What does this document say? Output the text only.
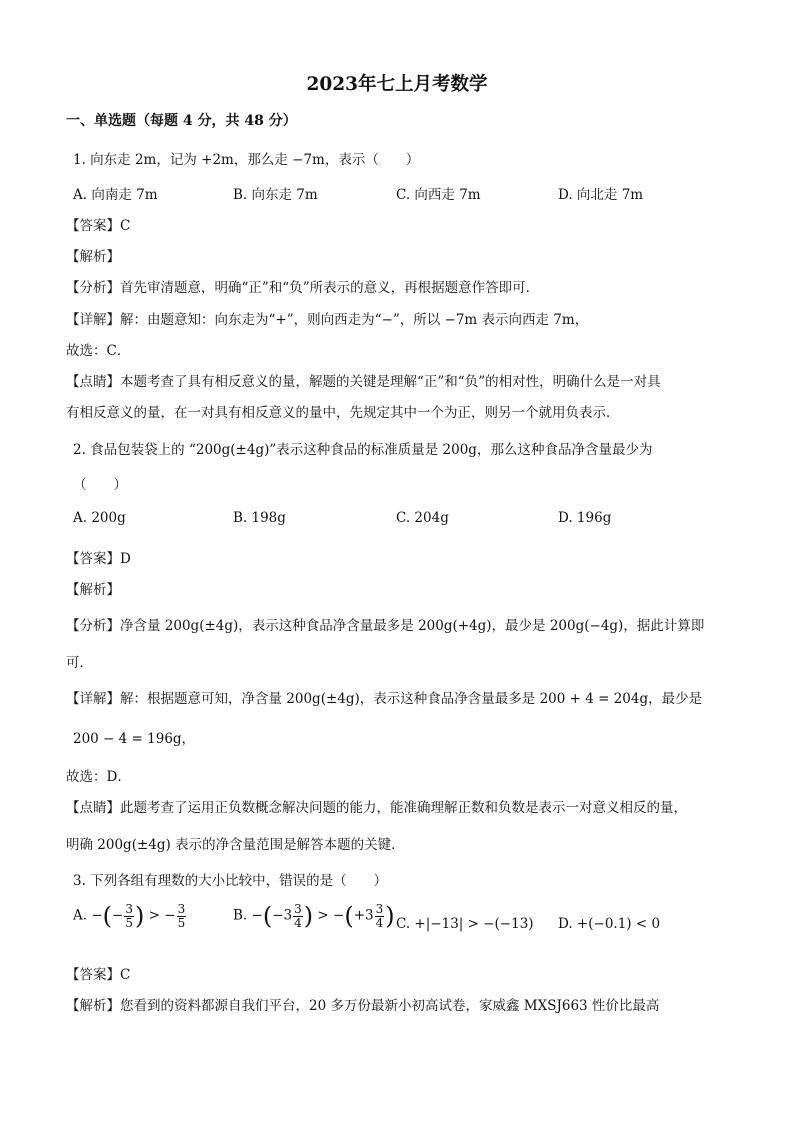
2023年七上月考数学
一、单选题（每题 4 分，共 48 分）
1. 向东走 2m，记为 +2m，那么走 −7m，表示（　　）
A. 向南走 7m	B. 向东走 7m	C. 向西走 7m	D. 向北走 7m
【答案】C
【解析】
【分析】首先审清题意，明确“正”和“负”所表示的意义，再根据题意作答即可．
【详解】解：由题意知：向东走为“+”，则向西走为“−”，所以 −7m 表示向西走 7m，
故选：C．
【点睛】本题考查了具有相反意义的量，解题的关键是理解“正”和“负”的相对性，明确什么是一对具
有相反意义的量，在一对具有相反意义的量中，先规定其中一个为正，则另一个就用负表示．
2. 食品包装袋上的 “200g(±4g)”表示这种食品的标准质量是 200g，那么这种食品净含量最少为
（　　）
A. 200g	B. 198g	C. 204g	D. 196g
【答案】D
【解析】
【分析】净含量 200g(±4g)，表示这种食品净含量最多是 200g(+4g)，最少是 200g(−4g)，据此计算即
可．
【详解】解：根据题意可知，净含量 200g(±4g)，表示这种食品净含量最多是 200 + 4 = 204g，最少是
200 − 4 = 196g，
故选：D．
【点睛】此题考查了运用正负数概念解决问题的能力，能准确理解正数和负数是表示一对意义相反的量，
明确 200g(±4g) 表示的净含量范围是解答本题的关键．
3. 下列各组有理数的大小比较中，错误的是（　　）
A. −(− $\frac{3}{5}$ ) > − $\frac{3}{5}$	B. $-(-3 \frac{3}{4}$ ) > $-(+3 \frac{3}{4}$ ) C. +|−13| > −(−13) D. +(−0.1) < 0
【答案】C
【解析】您看到的资料都源自我们平台，20 多万份最新小初高试卷，家威鑫 MXSJ663 性价比最高
